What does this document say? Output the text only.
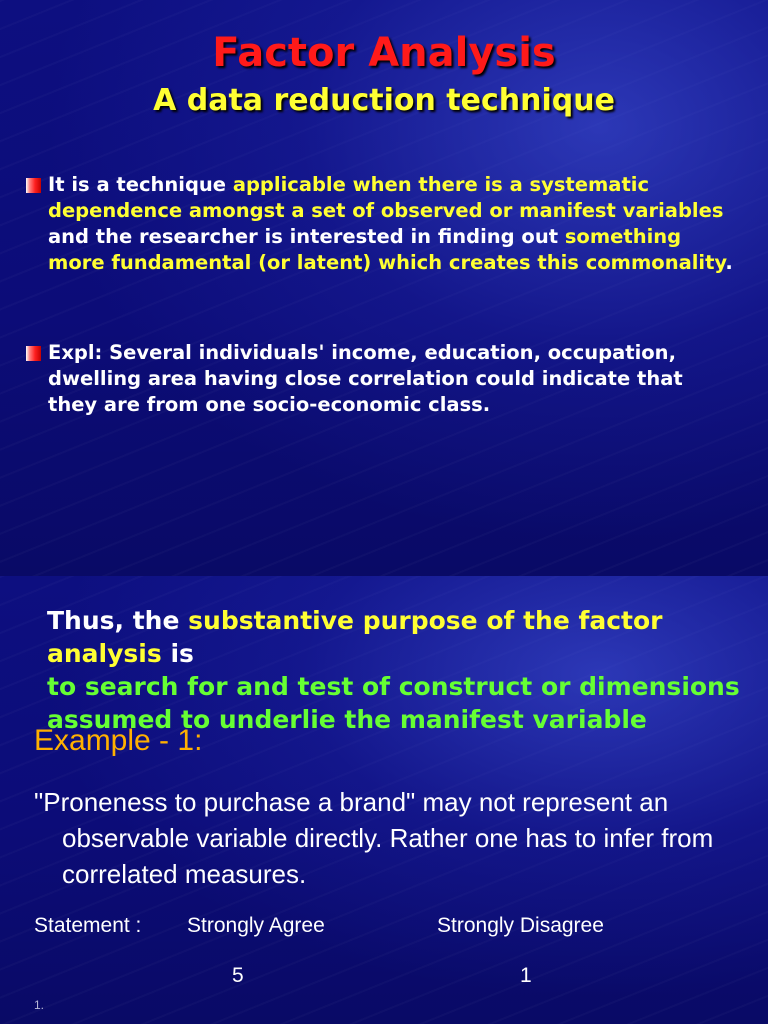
Factor Analysis
A data reduction technique
It is a technique applicable when there is a systematic dependence amongst a set of observed or manifest variables and the researcher is interested in finding out something more fundamental (or latent) which creates this commonality.
Expl: Several individuals' income, education, occupation, dwelling area having close correlation could indicate that they are from one socio-economic class.
Thus, the substantive purpose of the factor analysis is
to search for and test of construct or dimensions assumed to underlie the manifest variable
Example - 1:
"Proneness to purchase a brand" may not represent an observable variable directly. Rather one has to infer from correlated measures.
Statement : Strongly Agree	Strongly Disagree
5	1
1.
